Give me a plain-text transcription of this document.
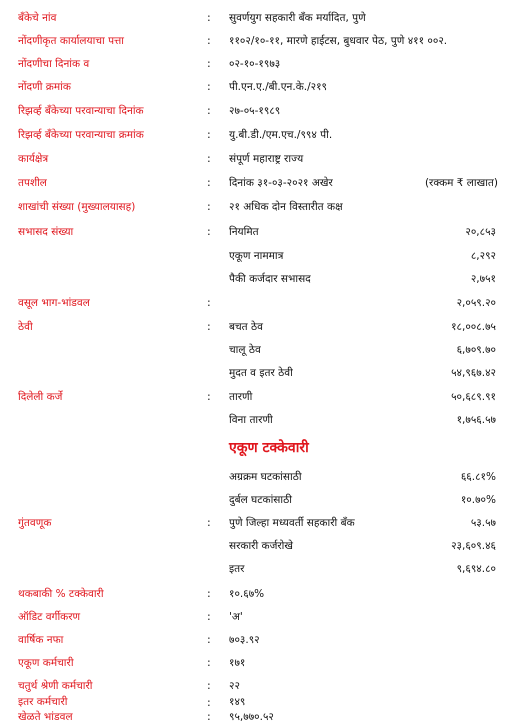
बँकेचे नांव	: सुवर्णयुग सहकारी बँक मर्यादित, पुणे
नोंदणीकृत कार्यालयाचा पत्ता	: ११०२/१०-११, मारणे हाईटस, बुधवार पेठ, पुणे ४११ ००२.
नोंदणीचा दिनांक व	: ०२-१०-१९७३
नोंदणी क्रमांक	: पी.एन.ए./बी.एन.के./२१९
रिझर्व्ह बँकेच्या परवान्याचा दिनांक	: २७-०५-१९८९
रिझर्व्ह बँकेच्या परवान्याचा क्रमांक	: यु.बी.डी./एम.एच./९९४ पी.
कार्यक्षेत्र	: संपूर्ण महाराष्ट्र राज्य
तपशील	: दिनांक ३१-०३-२०२१ अखेर	(रक्कम ₹ लाखात)
शाखांची संख्या (मुख्यालयासह)	: २१ अधिक दोन विस्तारीत कक्ष
सभासद संख्या	: नियमित	२०,८५३
एकूण नाममात्र	८,२९२
पैकी कर्जदार सभासद	२,७५१
वसूल भाग-भांडवल	:	२,०५९.२०
ठेवी	: बचत ठेव	१८,००८.७५
चालू ठेव	६,७०९.७०
मुदत व इतर ठेवी	५४,९६७.४२
दिलेली कर्जे	: तारणी	५०,६८९.९१
विना तारणी	१,७५६.५७
एकूण टक्केवारी
अग्रक्रम घटकांसाठी	६६.८१%
दुर्बल घटकांसाठी	१०.७०%
गुंतवणूक	: पुणे जिल्हा मध्यवर्ती सहकारी बँक	५३.५७
सरकारी कर्जरोखे	२३,६०९.४६
इतर	९,६९४.८०
थकबाकी % टक्केवारी	: १०.६७%
ऑडिट वर्गीकरण	: 'अ'
वार्षिक नफा	: ७०३.९२
एकूण कर्मचारी	: १७१
चतुर्थ श्रेणी कर्मचारी	: २२
इतर कर्मचारी	: १४९
खेळते भांडवल	: ९५,७७०.५२
